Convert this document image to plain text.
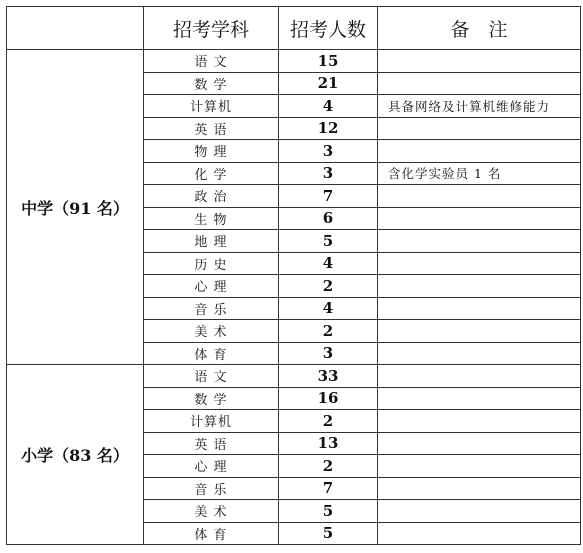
	招考学科	招考人数	备　注
中学（91 名）	语 文	15	
	数 学	21	
	计算机	4	具备网络及计算机维修能力
	英 语	12	
	物 理	3	
	化 学	3	含化学实验员 1 名
	政 治	7	
	生 物	6	
	地 理	5	
	历 史	4	
	心 理	2	
	音 乐	4	
	美 术	2	
	体 育	3	
小学（83 名）	语 文	33	
	数 学	16	
	计算机	2	
	英 语	13	
	心 理	2	
	音 乐	7	
	美 术	5	
	体 育	5	
